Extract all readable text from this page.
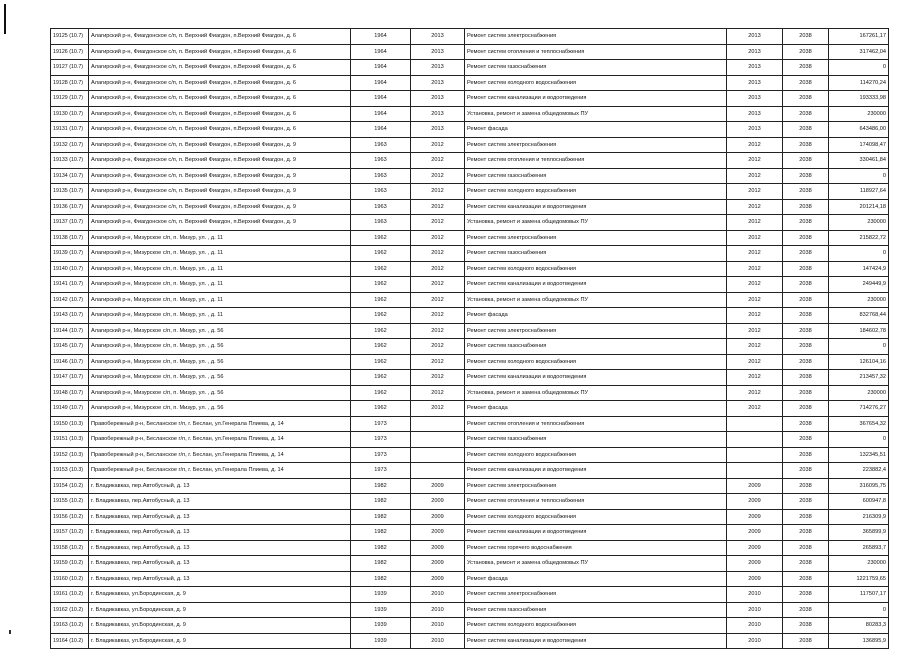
19125 (10.7)	Алагирский р-н, Фиагдонское с/п, п. Верхний Фиагдон, п.Верхний Фиагдон, д. 6	1964	2013	Ремонт систем электроснабжения	2013	2038	167261,17
19126 (10.7)	Алагирский р-н, Фиагдонское с/п, п. Верхний Фиагдон, п.Верхний Фиагдон, д. 6	1964	2013	Ремонт систем отопления и теплоснабжения	2013	2038	317462,04
19127 (10.7)	Алагирский р-н, Фиагдонское с/п, п. Верхний Фиагдон, п.Верхний Фиагдон, д. 6	1964	2013	Ремонт систем газоснабжения	2013	2038	0
19128 (10.7)	Алагирский р-н, Фиагдонское с/п, п. Верхний Фиагдон, п.Верхний Фиагдон, д. 6	1964	2013	Ремонт систем холодного водоснабжения	2013	2038	114270,24
19129 (10.7)	Алагирский р-н, Фиагдонское с/п, п. Верхний Фиагдон, п.Верхний Фиагдон, д. 6	1964	2013	Ремонт систем канализации и водоотведения	2013	2038	193333,98
19130 (10.7)	Алагирский р-н, Фиагдонское с/п, п. Верхний Фиагдон, п.Верхний Фиагдон, д. 6	1964	2013	Установка, ремонт и замена общедомовых ПУ	2013	2038	230000
19131 (10.7)	Алагирский р-н, Фиагдонское с/п, п. Верхний Фиагдон, п.Верхний Фиагдон, д. 6	1964	2013	Ремонт фасада	2013	2038	643486,00
19132 (10.7)	Алагирский р-н, Фиагдонское с/п, п. Верхний Фиагдон, п.Верхний Фиагдон, д. 9	1963	2012	Ремонт систем электроснабжения	2012	2038	174098,47
19133 (10.7)	Алагирский р-н, Фиагдонское с/п, п. Верхний Фиагдон, п.Верхний Фиагдон, д. 9	1963	2012	Ремонт систем отопления и теплоснабжения	2012	2038	330461,84
19134 (10.7)	Алагирский р-н, Фиагдонское с/п, п. Верхний Фиагдон, п.Верхний Фиагдон, д. 9	1963	2012	Ремонт систем газоснабжения	2012	2038	0
19135 (10.7)	Алагирский р-н, Фиагдонское с/п, п. Верхний Фиагдон, п.Верхний Фиагдон, д. 9	1963	2012	Ремонт систем холодного водоснабжения	2012	2038	118927,64
19136 (10.7)	Алагирский р-н, Фиагдонское с/п, п. Верхний Фиагдон, п.Верхний Фиагдон, д. 9	1963	2012	Ремонт систем канализации и водоотведения	2012	2038	201214,18
19137 (10.7)	Алагирский р-н, Фиагдонское с/п, п. Верхний Фиагдон, п.Верхний Фиагдон, д. 9	1963	2012	Установка, ремонт и замена общедомовых ПУ	2012	2038	230000
19138 (10.7)	Алагирский р-н, Мизурское с/п, п. Мизур, ул. , д. 11	1962	2012	Ремонт систем электроснабжения	2012	2038	215822,72
19139 (10.7)	Алагирский р-н, Мизурское с/п, п. Мизур, ул. , д. 11	1962	2012	Ремонт систем газоснабжения	2012	2038	0
19140 (10.7)	Алагирский р-н, Мизурское с/п, п. Мизур, ул. , д. 11	1962	2012	Ремонт систем холодного водоснабжения	2012	2038	147424,9
19141 (10.7)	Алагирский р-н, Мизурское с/п, п. Мизур, ул. , д. 11	1962	2012	Ремонт систем канализации и водоотведения	2012	2038	249449,9
19142 (10.7)	Алагирский р-н, Мизурское с/п, п. Мизур, ул. , д. 11	1962	2012	Установка, ремонт и замена общедомовых ПУ	2012	2038	230000
19143 (10.7)	Алагирский р-н, Мизурское с/п, п. Мизур, ул. , д. 11	1962	2012	Ремонт фасада	2012	2038	832768,44
19144 (10.7)	Алагирский р-н, Мизурское с/п, п. Мизур, ул. , д. 56	1962	2012	Ремонт систем электроснабжения	2012	2038	184602,78
19145 (10.7)	Алагирский р-н, Мизурское с/п, п. Мизур, ул. , д. 56	1962	2012	Ремонт систем газоснабжения	2012	2038	0
19146 (10.7)	Алагирский р-н, Мизурское с/п, п. Мизур, ул. , д. 56	1962	2012	Ремонт систем холодного водоснабжения	2012	2038	126104,16
19147 (10.7)	Алагирский р-н, Мизурское с/п, п. Мизур, ул. , д. 56	1962	2012	Ремонт систем канализации и водоотведения	2012	2038	213457,32
19148 (10.7)	Алагирский р-н, Мизурское с/п, п. Мизур, ул. , д. 56	1962	2012	Установка, ремонт и замена общедомовых ПУ	2012	2038	230000
19149 (10.7)	Алагирский р-н, Мизурское с/п, п. Мизур, ул. , д. 56	1962	2012	Ремонт фасада	2012	2038	714276,27
19150 (10.3)	Правобережный р-н, Бесланское г/п, г. Беслан, ул.Генерала Плиева, д. 14	1973		Ремонт систем отопления и теплоснабжения		2038	367654,32
19151 (10.3)	Правобережный р-н, Бесланское г/п, г. Беслан, ул.Генерала Плиева, д. 14	1973		Ремонт систем газоснабжения		2038	0
19152 (10.3)	Правобережный р-н, Бесланское г/п, г. Беслан, ул.Генерала Плиева, д. 14	1973		Ремонт систем холодного водоснабжения		2038	132345,51
19153 (10.3)	Правобережный р-н, Бесланское г/п, г. Беслан, ул.Генерала Плиева, д. 14	1973		Ремонт систем канализации и водоотведения		2038	223882,4
19154 (10.2)	г. Владикавказ, пер.Автобусный, д. 13	1982	2009	Ремонт систем электроснабжения	2009	2038	316095,75
19155 (10.2)	г. Владикавказ, пер.Автобусный, д. 13	1982	2009	Ремонт систем отопления и теплоснабжения	2009	2038	600947,8
19156 (10.2)	г. Владикавказ, пер.Автобусный, д. 13	1982	2009	Ремонт систем холодного водоснабжения	2009	2038	216309,9
19157 (10.2)	г. Владикавказ, пер.Автобусный, д. 13	1982	2009	Ремонт систем канализации и водоотведения	2009	2038	365899,9
19158 (10.2)	г. Владикавказ, пер.Автобусный, д. 13	1982	2009	Ремонт систем горячего водоснабжения	2009	2038	265893,7
19159 (10.2)	г. Владикавказ, пер.Автобусный, д. 13	1982	2009	Установка, ремонт и замена общедомовых ПУ	2009	2038	230000
19160 (10.2)	г. Владикавказ, пер.Автобусный, д. 13	1982	2009	Ремонт фасада	2009	2038	1221759,65
19161 (10.2)	г. Владикавказ, ул.Бородинская, д. 9	1939	2010	Ремонт систем электроснабжения	2010	2038	117507,17
19162 (10.2)	г. Владикавказ, ул.Бородинская, д. 9	1939	2010	Ремонт систем газоснабжения	2010	2038	0
19163 (10.2)	г. Владикавказ, ул.Бородинская, д. 9	1939	2010	Ремонт систем холодного водоснабжения	2010	2038	80283,3
19164 (10.2)	г. Владикавказ, ул.Бородинская, д. 9	1939	2010	Ремонт систем канализации и водоотведения	2010	2038	136895,9
